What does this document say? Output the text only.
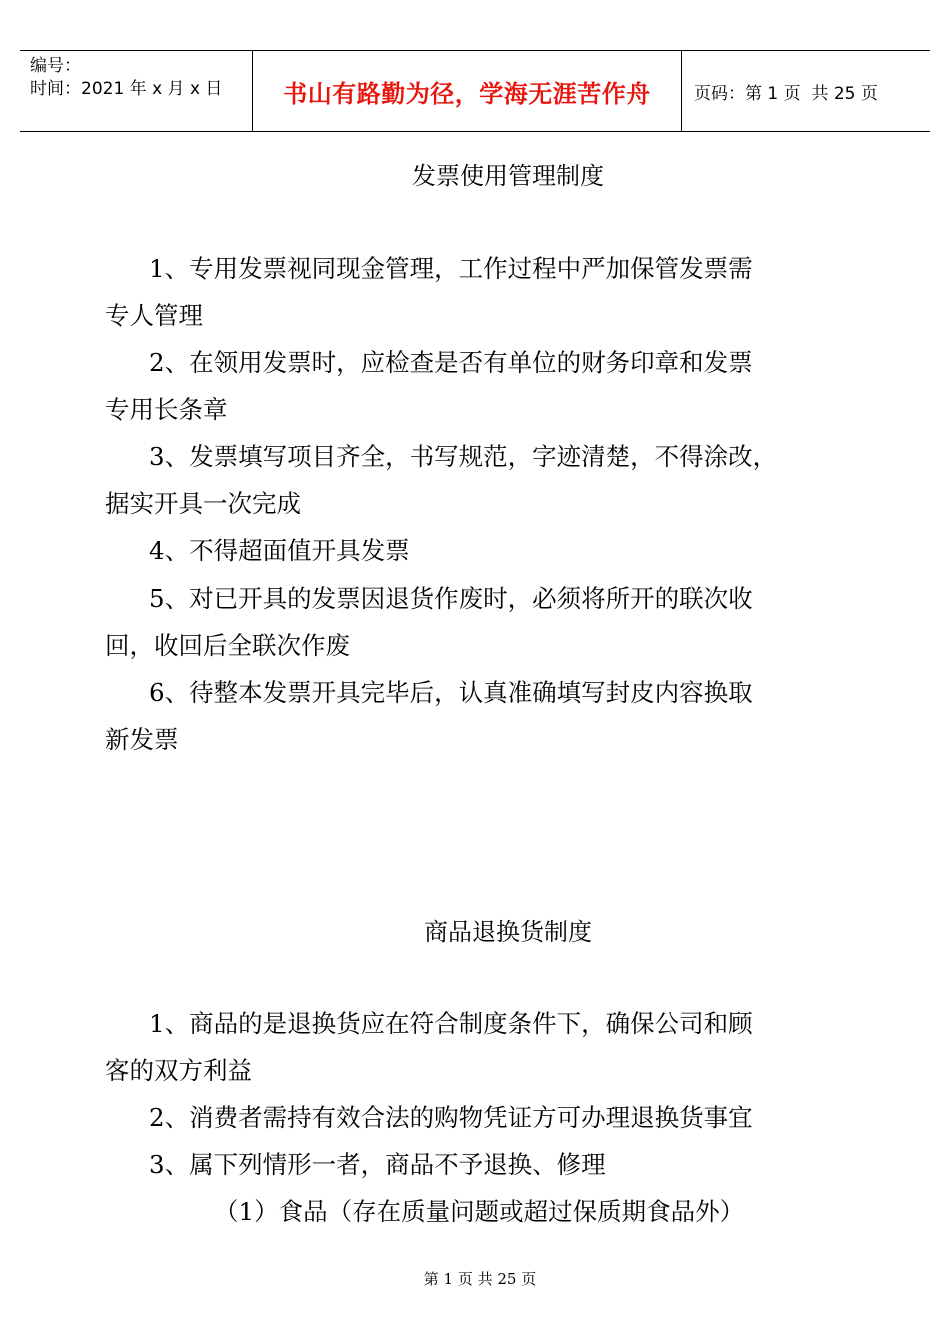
编号：
时间：2021 年 x 月 x 日	书山有路勤为径，学海无涯苦作舟	页码：第 1 页  共 25 页
发票使用管理制度
1、专用发票视同现金管理，工作过程中严加保管发票需
专人管理
2、在领用发票时，应检查是否有单位的财务印章和发票
专用长条章
3、发票填写项目齐全，书写规范，字迹清楚，不得涂改，
据实开具一次完成
4、不得超面值开具发票
5、对已开具的发票因退货作废时，必须将所开的联次收
回，收回后全联次作废
6、待整本发票开具完毕后，认真准确填写封皮内容换取
新发票
商品退换货制度
1、商品的是退换货应在符合制度条件下，确保公司和顾
客的双方利益
2、消费者需持有效合法的购物凭证方可办理退换货事宜
3、属下列情形一者，商品不予退换、修理
（1）食品（存在质量问题或超过保质期食品外）
第 1 页 共 25 页
